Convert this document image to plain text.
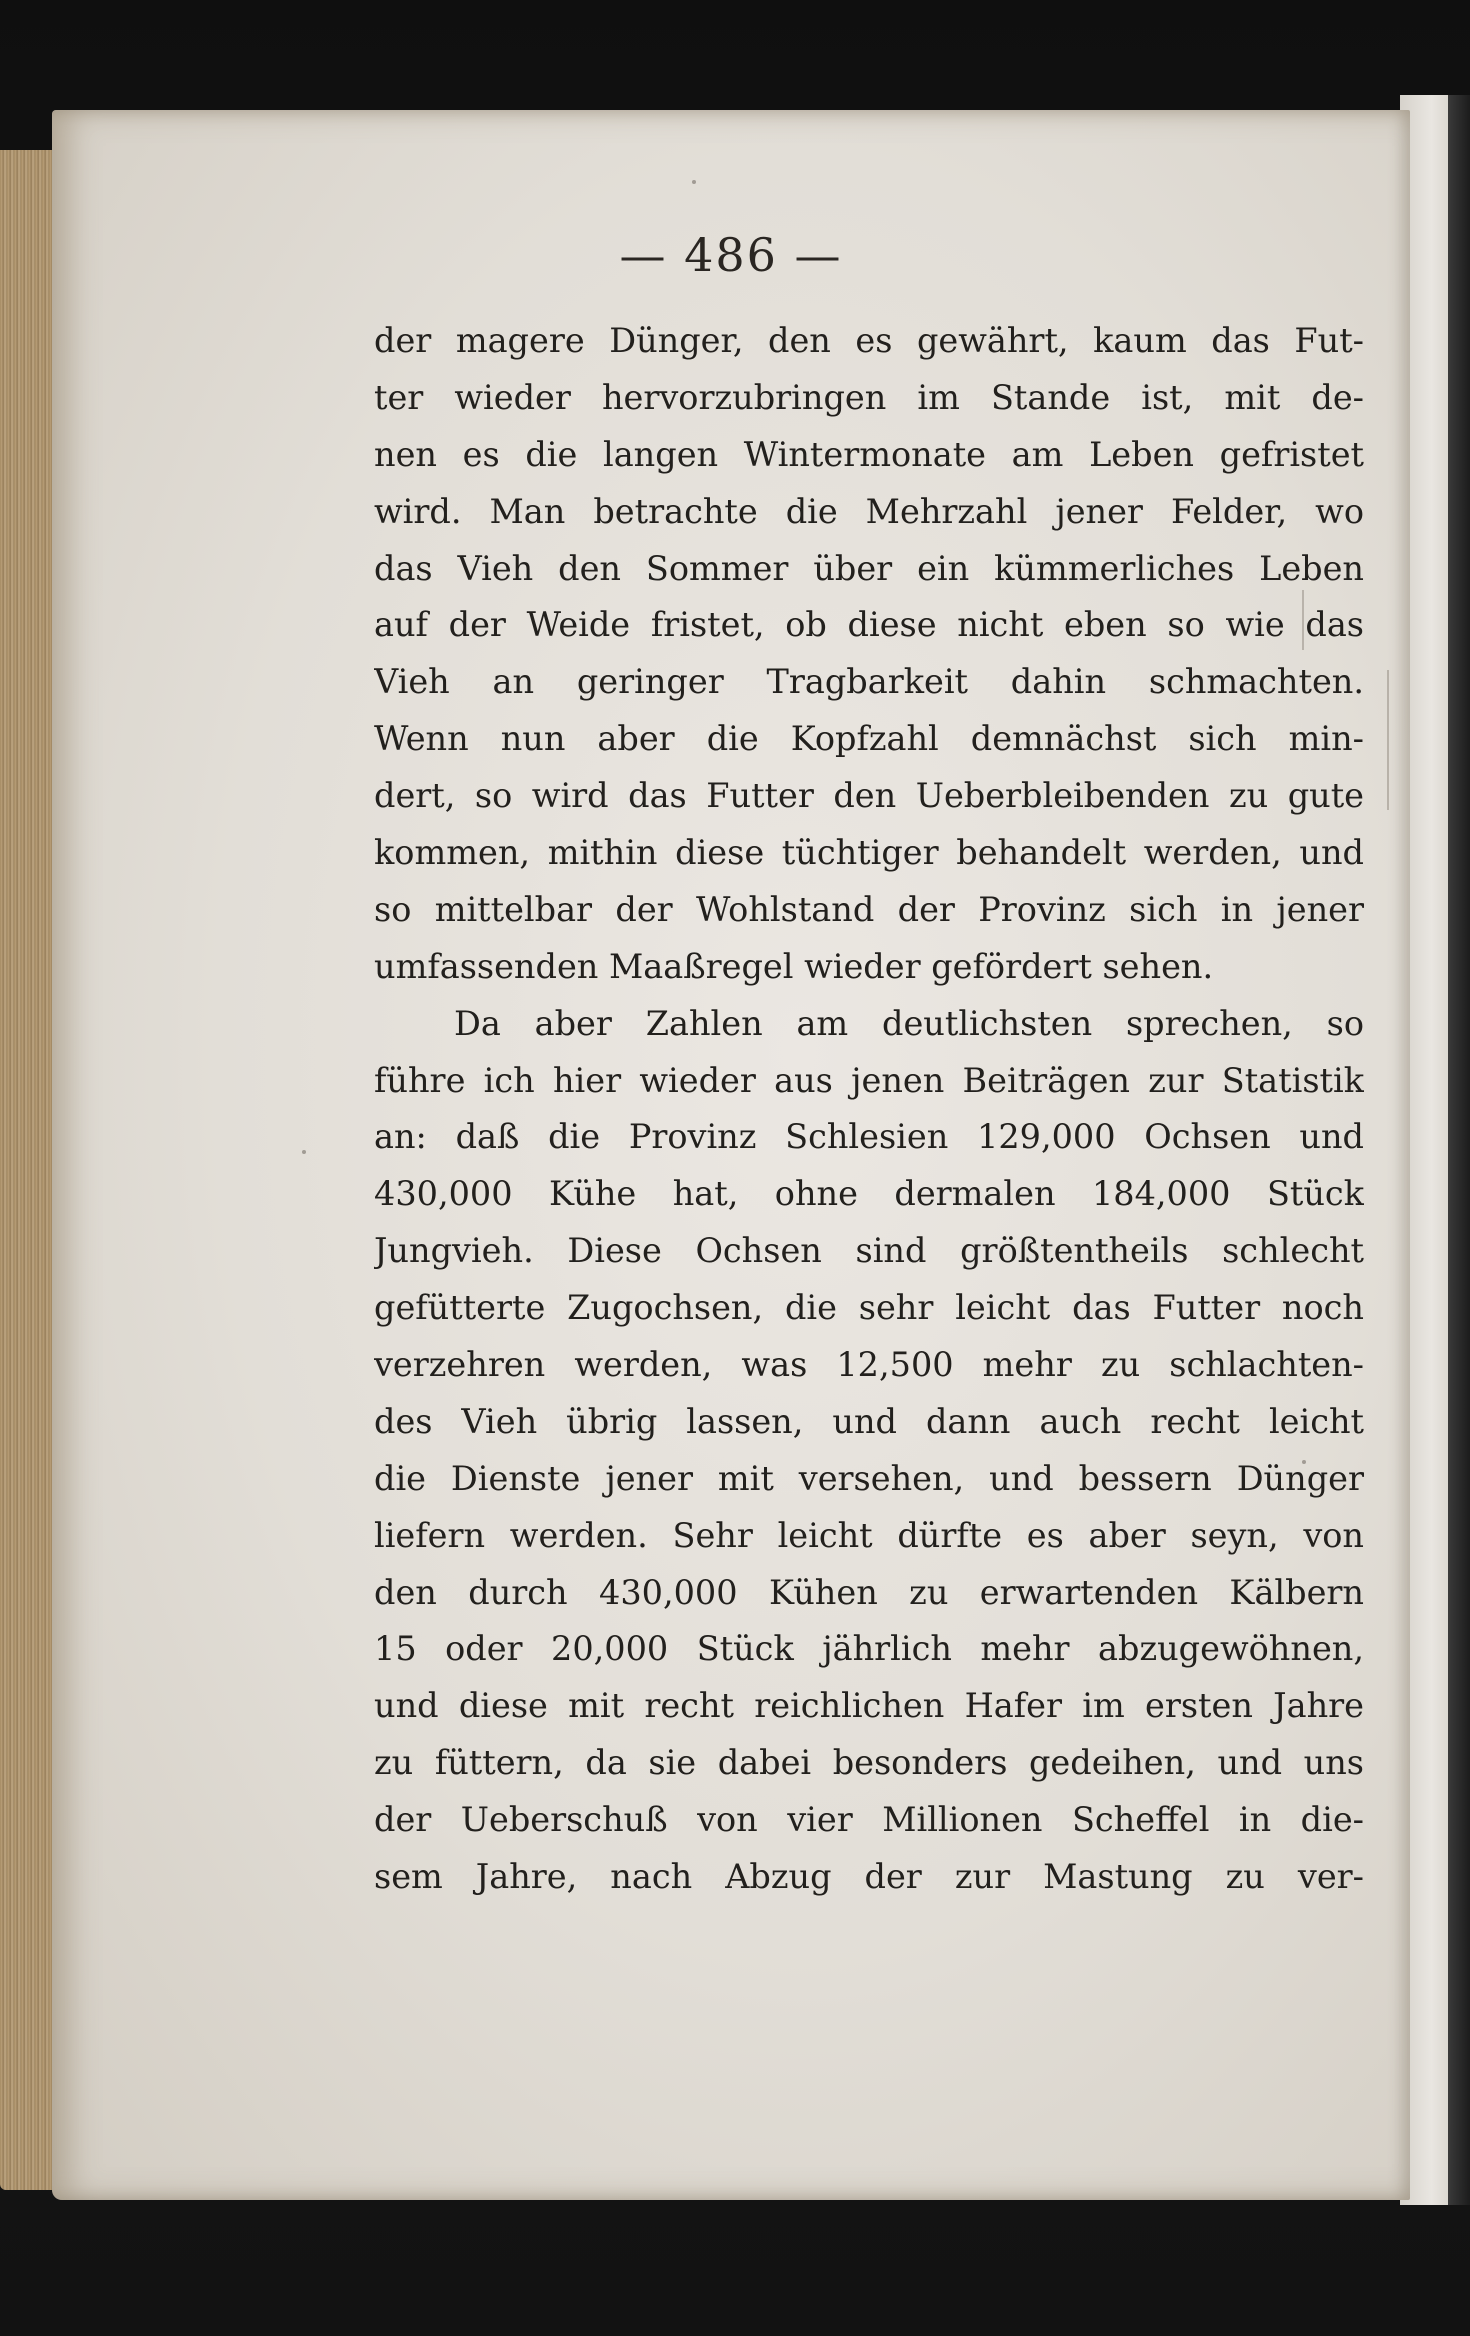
— 486 —
der magere Dünger, den es gewährt, kaum das Fut-
ter wieder hervorzubringen im Stande ist, mit de-
nen es die langen Wintermonate am Leben gefristet
wird. Man betrachte die Mehrzahl jener Felder, wo
das Vieh den Sommer über ein kümmerliches Leben
auf der Weide fristet, ob diese nicht eben so wie das
Vieh an geringer Tragbarkeit dahin schmachten.
Wenn nun aber die Kopfzahl demnächst sich min-
dert, so wird das Futter den Ueberbleibenden zu gute
kommen, mithin diese tüchtiger behandelt werden, und
so mittelbar der Wohlstand der Provinz sich in jener
umfassenden Maaßregel wieder gefördert sehen.
Da aber Zahlen am deutlichsten sprechen, so
führe ich hier wieder aus jenen Beiträgen zur Statistik
an: daß die Provinz Schlesien 129,000 Ochsen und
430,000 Kühe hat, ohne dermalen 184,000 Stück
Jungvieh. Diese Ochsen sind größtentheils schlecht
gefütterte Zugochsen, die sehr leicht das Futter noch
verzehren werden, was 12,500 mehr zu schlachten-
des Vieh übrig lassen, und dann auch recht leicht
die Dienste jener mit versehen, und bessern Dünger
liefern werden. Sehr leicht dürfte es aber seyn, von
den durch 430,000 Kühen zu erwartenden Kälbern
15 oder 20,000 Stück jährlich mehr abzugewöhnen,
und diese mit recht reichlichen Hafer im ersten Jahre
zu füttern, da sie dabei besonders gedeihen, und uns
der Ueberschuß von vier Millionen Scheffel in die-
sem Jahre, nach Abzug der zur Mastung zu ver-
